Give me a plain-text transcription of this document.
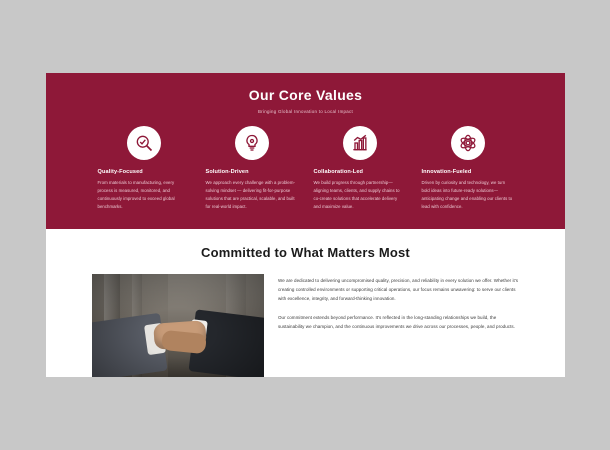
Our Core Values
Bringing Global Innovation to Local Impact
Quality-Focused
From materials to manufacturing, every process is measured, monitored, and continuously improved to exceed global benchmarks.
Solution-Driven
We approach every challenge with a problem-solving mindset — delivering fit-for-purpose solutions that are practical, scalable, and built for real-world impact.
Collaboration-Led
We build progress through partnership—aligning teams, clients, and supply chains to co-create solutions that accelerate delivery and maximize value.
Innovation-Fueled
Driven by curiosity and technology, we turn bold ideas into future-ready solutions—anticipating change and enabling our clients to lead with confidence.
Committed to What Matters Most

We are dedicated to delivering uncompromised quality, precision, and reliability in every solution we offer. Whether it's creating controlled environments or supporting critical operations, our focus remains unwavering: to serve our clients with excellence, integrity, and forward-thinking innovation.

Our commitment extends beyond performance. It's reflected in the long-standing relationships we build, the sustainability we champion, and the continuous improvements we drive across our processes, people, and products.
